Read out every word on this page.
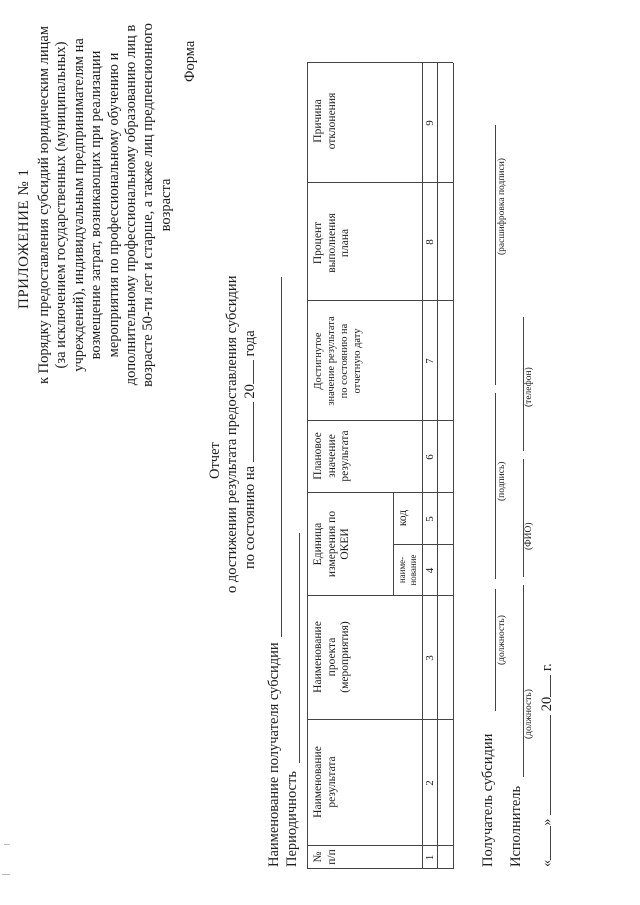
ПРИЛОЖЕНИЕ № 1 к Порядку предоставления субсидий юридическим лицам (за исключением государственных (муниципальных) учреждений), индивидуальным предпринимателям на возмещение затрат, возникающих при реализации мероприятия по профессиональному обучению и дополнительному профессиональному образованию лиц в возрасте 50-ти лет и старше, а также лиц предпенсионного возраста
Форма
Отчет о достижении результата предоставления субсидии по состоянию на  20 года
Наименование получателя субсидии Периодичность № п/п
Наименование результата
Наименование проекта (мероприятия)
Единица измерения по ОКЕИ
наиме-нование
код
Плановое значение результата
Достигнутое значение результата по состоянию на отчетную дату
Процент выполнения плана
Причина отклонения
1
2
3
4
5
6
7
8
9
Получатель субсидии
(должность)
(подпись)
(расшифровка подписи)
Исполнитель
(должность)
(ФИО)
(телефон)
«»  20 г.
